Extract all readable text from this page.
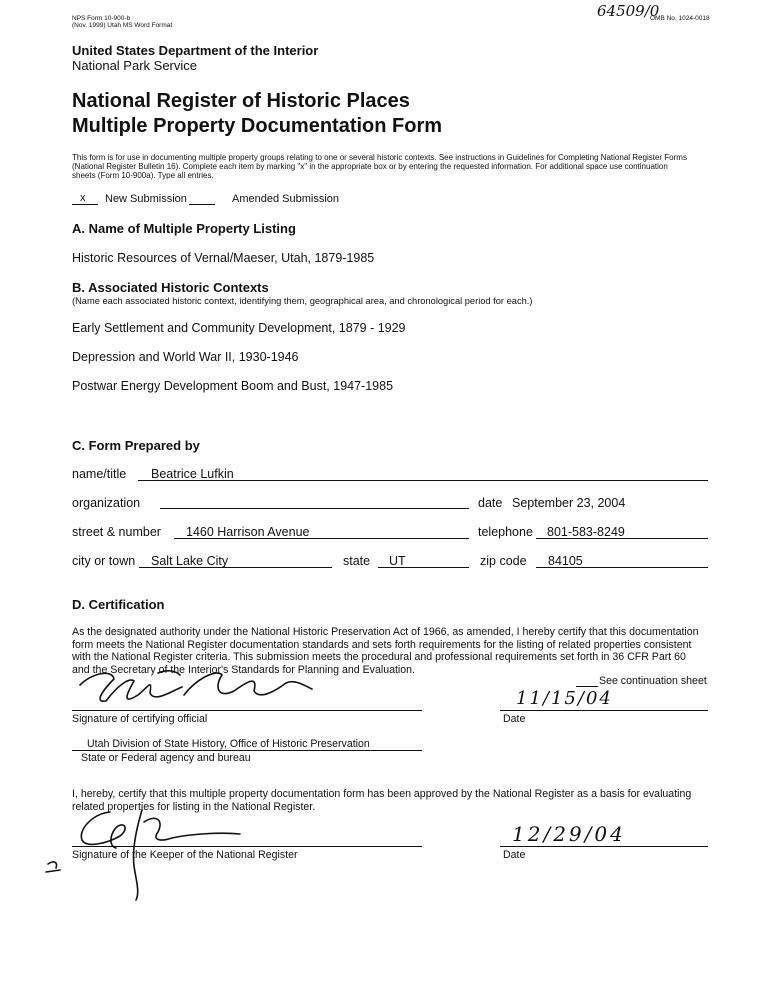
NPS Form 10-900-b
(Nov. 1999) Utah MS Word Format
OMB No. 1024-0018
64509/0
United States Department of the Interior
National Park Service
National Register of Historic Places
Multiple Property Documentation Form
This form is for use in documenting multiple property groups relating to one or several historic contexts. See instructions in Guidelines for Completing National Register Forms
(National Register Bulletin 16). Complete each item by marking "x" in the appropriate box or by entering the requested information. For additional space use continuation
sheets (Form 10-900a). Type all entries.
x New Submission	Amended Submission
A. Name of Multiple Property Listing
Historic Resources of Vernal/Maeser, Utah, 1879-1985
B. Associated Historic Contexts
(Name each associated historic context, identifying them, geographical area, and chronological period for each.)
Early Settlement and Community Development, 1879 - 1929
Depression and World War II, 1930-1946
Postwar Energy Development Boom and Bust, 1947-1985
C. Form Prepared by
name/title Beatrice Lufkin
organization	date September 23, 2004
street & number 1460 Harrison Avenue	telephone 801-583-8249
city or town Salt Lake City	state UT	zip code 84105
D. Certification
As the designated authority under the National Historic Preservation Act of 1966, as amended, I hereby certify that this documentation
form meets the National Register documentation standards and sets forth requirements for the listing of related properties consistent
with the National Register criteria. This submission meets the procedural and professional requirements set forth in 36 CFR Part 60
and the Secretary of the Interior's Standards for Planning and Evaluation.
See continuation sheet
Signature of certifying official
11/15/04
Date
Utah Division of State History, Office of Historic Preservation
State or Federal agency and bureau
I, hereby, certify that this multiple property documentation form has been approved by the National Register as a basis for evaluating
related properties for listing in the National Register.
Signature of the Keeper of the National Register
12/29/04
Date
